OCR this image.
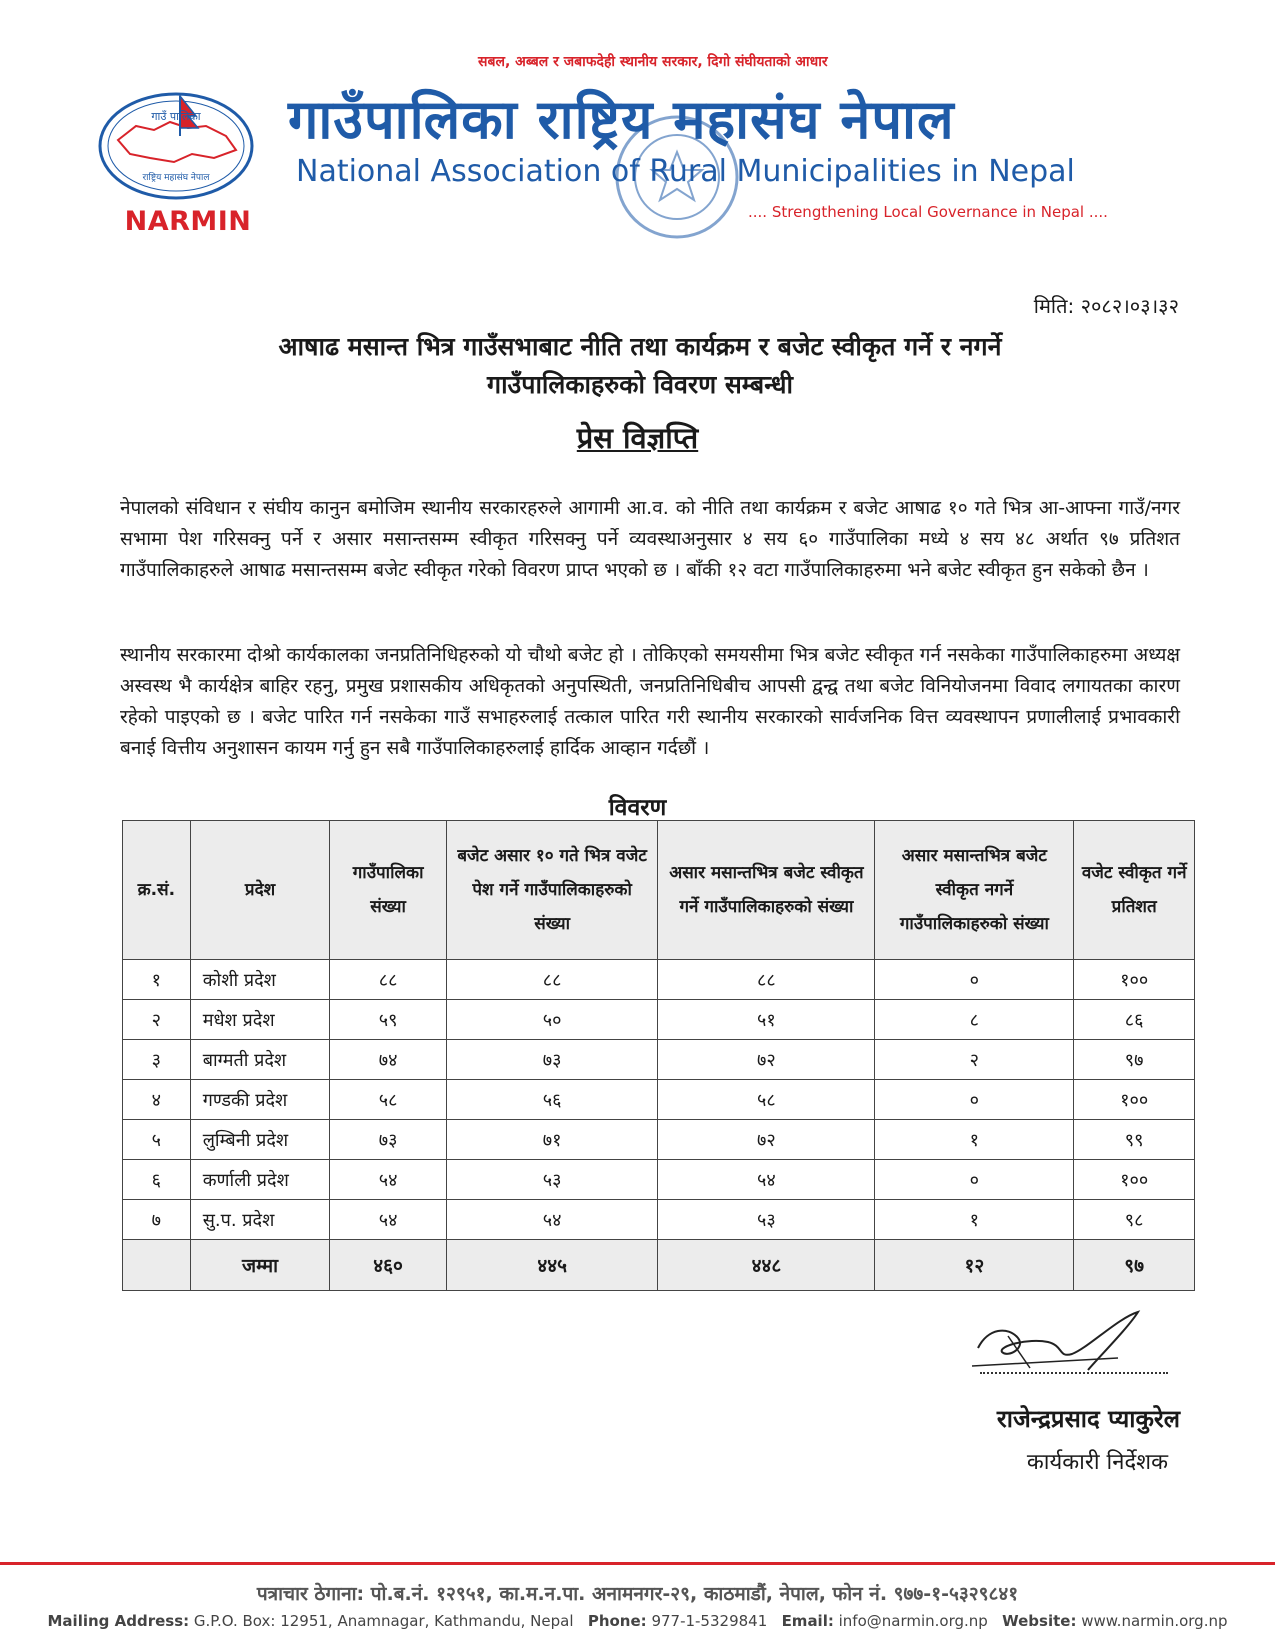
गाउँ पालिका
राष्ट्रिय महासंघ नेपाल
NARMIN
सबल, अब्बल र जबाफदेही स्थानीय सरकार, दिगो संघीयताको आधार
गाउँपालिका राष्ट्रिय महासंघ नेपाल
National Association of Rural Municipalities in Nepal
.... Strengthening Local Governance in Nepal ....
मिति: २०८२।०३।३२
आषाढ मसान्त भित्र गाउँसभाबाट नीति तथा कार्यक्रम र बजेट स्वीकृत गर्ने र नगर्ने
गाउँपालिकाहरुको विवरण सम्बन्धी
प्रेस विज्ञप्ति

नेपालको संविधान र संघीय कानुन बमोजिम स्थानीय सरकारहरुले आगामी आ.व. को नीति तथा कार्यक्रम र बजेट आषाढ १० गते भित्र आ-आफ्ना गाउँ/नगर सभामा पेश गरिसक्नु पर्ने र असार मसान्तसम्म स्वीकृत गरिसक्नु पर्ने व्यवस्थाअनुसार ४ सय ६० गाउँपालिका मध्ये ४ सय ४८ अर्थात ९७ प्रतिशत गाउँपालिकाहरुले आषाढ मसान्तसम्म बजेट स्वीकृत गरेको विवरण प्राप्त भएको छ । बाँकी १२ वटा गाउँपालिकाहरुमा भने बजेट स्वीकृत हुन सकेको छैन ।

स्थानीय सरकारमा दोश्रो कार्यकालका जनप्रतिनिधिहरुको यो चौथो बजेट हो । तोकिएको समयसीमा भित्र बजेट स्वीकृत गर्न नसकेका गाउँपालिकाहरुमा अध्यक्ष अस्वस्थ भै कार्यक्षेत्र बाहिर रहनु, प्रमुख प्रशासकीय अधिकृतको अनुपस्थिती, जनप्रतिनिधिबीच आपसी द्वन्द्व तथा बजेट विनियोजनमा विवाद लगायतका कारण रहेको पाइएको छ । बजेट पारित गर्न नसकेका गाउँ सभाहरुलाई तत्काल पारित गरी स्थानीय सरकारको सार्वजनिक वित्त व्यवस्थापन प्रणालीलाई प्रभावकारी बनाई वित्तीय अनुशासन कायम गर्नु हुन सबै गाउँपालिकाहरुलाई हार्दिक आव्हान गर्दछौं ।

विवरण
क्र.सं.	प्रदेश	गाउँपालिका संख्या	बजेट असार १० गते भित्र वजेट पेश गर्ने गाउँपालिकाहरुको संख्या	असार मसान्तभित्र बजेट स्वीकृत गर्ने गाउँपालिकाहरुको संख्या	असार मसान्तभित्र बजेट स्वीकृत नगर्ने गाउँपालिकाहरुको संख्या	वजेट स्वीकृत गर्ने प्रतिशत
१	कोशी प्रदेश	८८	८८	८८	०	१००
२	मधेश प्रदेश	५९	५०	५१	८	८६
३	बाग्मती प्रदेश	७४	७३	७२	२	९७
४	गण्डकी प्रदेश	५८	५६	५८	०	१००
५	लुम्बिनी प्रदेश	७३	७१	७२	१	९९
६	कर्णाली प्रदेश	५४	५३	५४	०	१००
७	सु.प. प्रदेश	५४	५४	५३	१	९८
	जम्मा	४६०	४४५	४४८	१२	९७
राजेन्द्रप्रसाद प्याकुरेल
कार्यकारी निर्देशक
पत्राचार ठेगाना: पो.ब.नं. १२९५१, का.म.न.पा. अनामनगर-२९, काठमाडौं, नेपाल, फोन नं. ९७७-१-५३२९८४१
Mailing Address: G.P.O. Box: 12951, Anamnagar, Kathmandu, Nepal Phone: 977-1-5329841 Email: info@narmin.org.np Website: www.narmin.org.np
